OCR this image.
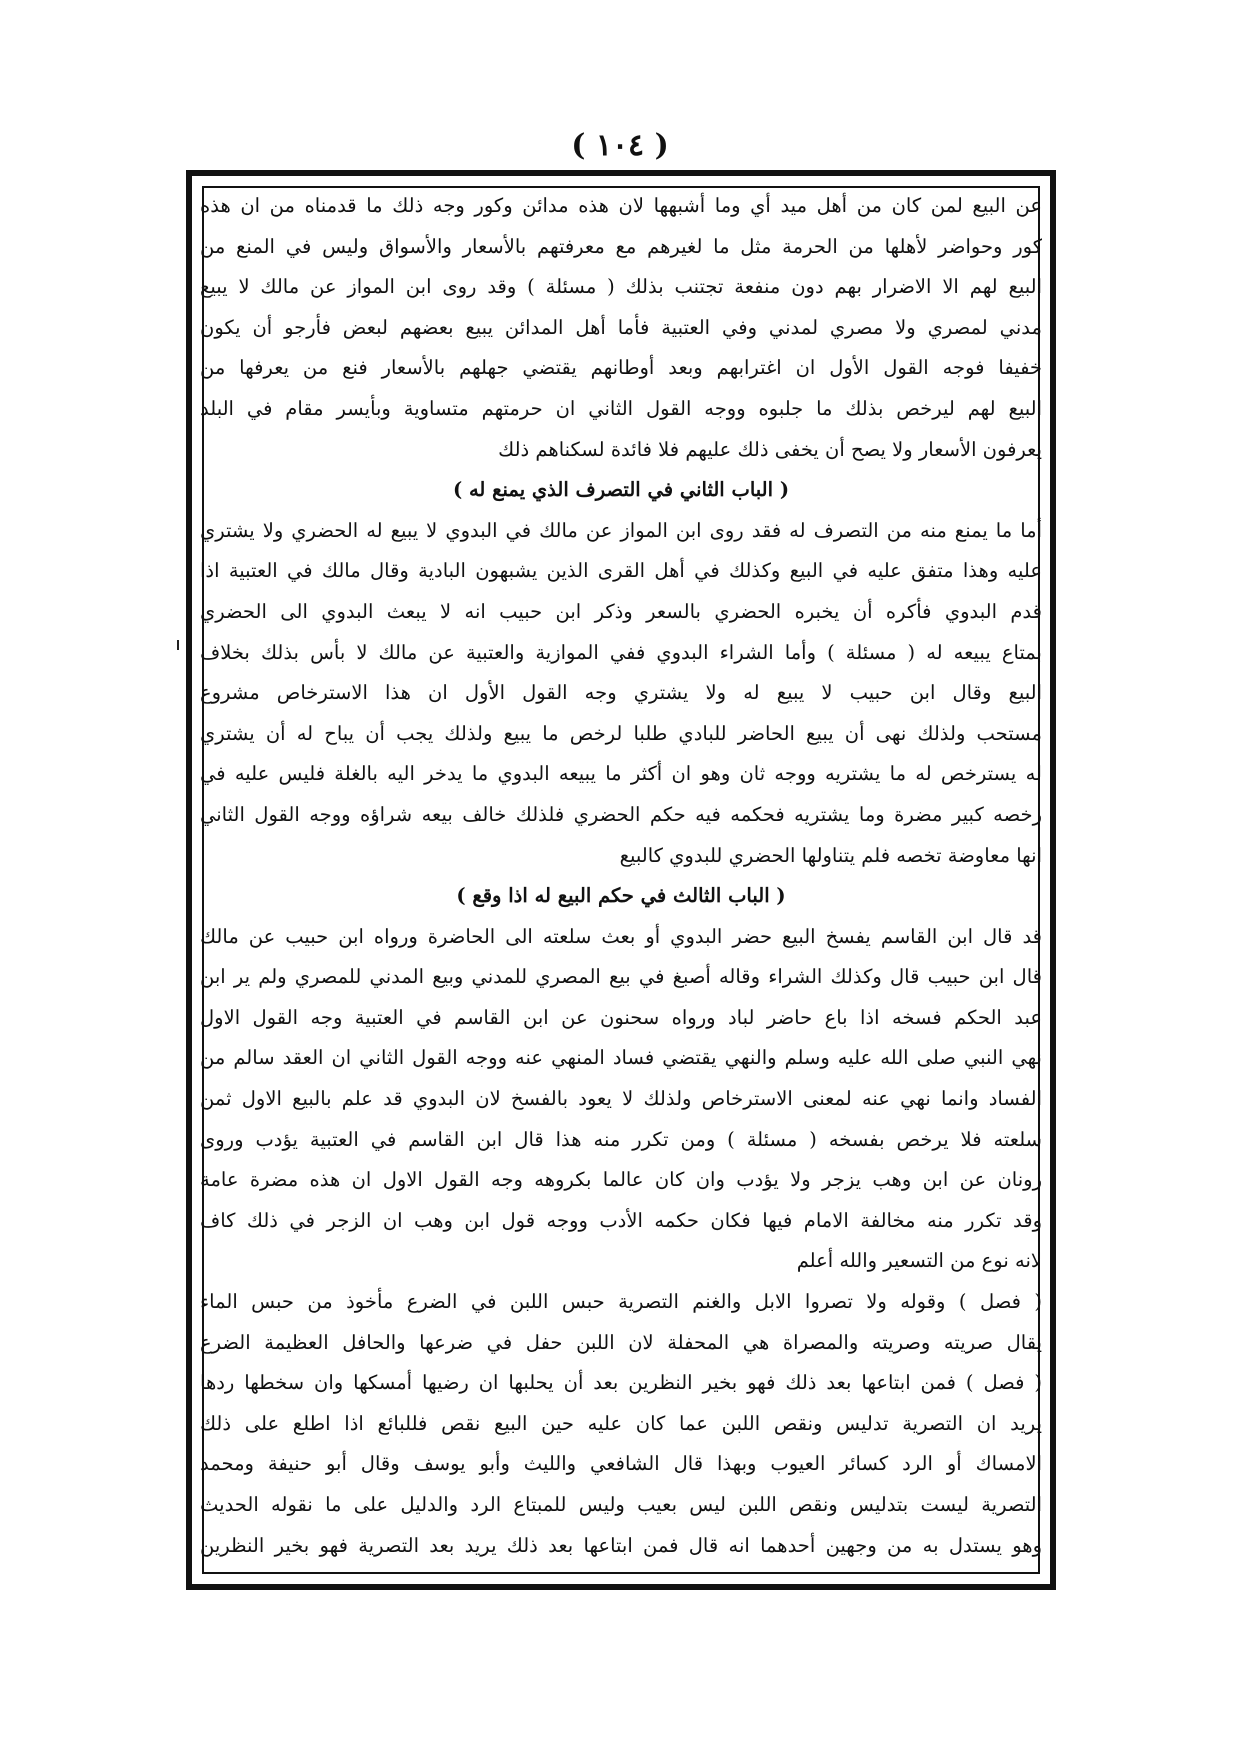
( ١٠٤ )
عن البيع لمن كان من أهل ميد أي وما أشبهها لان هذه مدائن وكور وجه ذلك ما قدمناه من ان هذه
كور وحواضر لأهلها من الحرمة مثل ما لغيرهم مع معرفتهم بالأسعار والأسواق وليس في المنع من
البيع لهم الا الاضرار بهم دون منفعة تجتنب بذلك ( مسئلة ) وقد روى ابن المواز عن مالك لا يبيع
مدني لمصري ولا مصري لمدني وفي العتبية فأما أهل المدائن يبيع بعضهم لبعض فأرجو أن يكون
خفيفا فوجه القول الأول ان اغترابهم وبعد أوطانهم يقتضي جهلهم بالأسعار فنع من يعرفها من
البيع لهم ليرخص بذلك ما جلبوه ووجه القول الثاني ان حرمتهم متساوية وبأيسر مقام في البلد
يعرفون الأسعار ولا يصح أن يخفى ذلك عليهم فلا فائدة لسكناهم ذلك
( الباب الثاني في التصرف الذي يمنع له )
أما ما يمنع منه من التصرف له فقد روى ابن المواز عن مالك في البدوي لا يبيع له الحضري ولا يشتري
عليه وهذا متفق عليه في البيع وكذلك في أهل القرى الذين يشبهون البادية وقال مالك في العتبية اذا
قدم البدوي فأكره أن يخبره الحضري بالسعر وذكر ابن حبيب انه لا يبعث البدوي الى الحضري
بمتاع يبيعه له ( مسئلة ) وأما الشراء البدوي ففي الموازية والعتبية عن مالك لا بأس بذلك بخلاف
البيع وقال ابن حبيب لا يبيع له ولا يشتري وجه القول الأول ان هذا الاسترخاص مشروع
مستحب ولذلك نهى أن يبيع الحاضر للبادي طلبا لرخص ما يبيع ولذلك يجب أن يباح له أن يشتري
له يسترخص له ما يشتريه ووجه ثان وهو ان أكثر ما يبيعه البدوي ما يدخر اليه بالغلة فليس عليه في
رخصه كبير مضرة وما يشتريه فحكمه فيه حكم الحضري فلذلك خالف بيعه شراؤه ووجه القول الثاني
انها معاوضة تخصه فلم يتناولها الحضري للبدوي كالبيع
( الباب الثالث في حكم البيع له اذا وقع )
قد قال ابن القاسم يفسخ البيع حضر البدوي أو بعث سلعته الى الحاضرة ورواه ابن حبيب عن مالك
قال ابن حبيب قال وكذلك الشراء وقاله أصبغ في بيع المصري للمدني وبيع المدني للمصري ولم ير ابن
عبد الحكم فسخه اذا باع حاضر لباد ورواه سحنون عن ابن القاسم في العتبية وجه القول الاول
نهي النبي صلى الله عليه وسلم والنهي يقتضي فساد المنهي عنه ووجه القول الثاني ان العقد سالم من
الفساد وانما نهي عنه لمعنى الاسترخاص ولذلك لا يعود بالفسخ لان البدوي قد علم بالبيع الاول ثمن
سلعته فلا يرخص بفسخه ( مسئلة ) ومن تكرر منه هذا قال ابن القاسم في العتبية يؤدب وروى
زونان عن ابن وهب يزجر ولا يؤدب وان كان عالما بكروهه وجه القول الاول ان هذه مضرة عامة
وقد تكرر منه مخالفة الامام فيها فكان حكمه الأدب ووجه قول ابن وهب ان الزجر في ذلك كاف
لانه نوع من التسعير والله أعلم
( فصل ) وقوله ولا تصروا الابل والغنم التصرية حبس اللبن في الضرع مأخوذ من حبس الماء
يقال صريته وصريته والمصراة هي المحفلة لان اللبن حفل في ضرعها والحافل العظيمة الضرع
( فصل ) فمن ابتاعها بعد ذلك فهو بخير النظرين بعد أن يحلبها ان رضيها أمسكها وان سخطها ردها
يريد ان التصرية تدليس ونقص اللبن عما كان عليه حين البيع نقص فللبائع اذا اطلع على ذلك
الامساك أو الرد كسائر العيوب وبهذا قال الشافعي والليث وأبو يوسف وقال أبو حنيفة ومحمد
التصرية ليست بتدليس ونقص اللبن ليس بعيب وليس للمبتاع الرد والدليل على ما نقوله الحديث
وهو يستدل به من وجهين أحدهما انه قال فمن ابتاعها بعد ذلك يريد بعد التصرية فهو بخير النظرين
